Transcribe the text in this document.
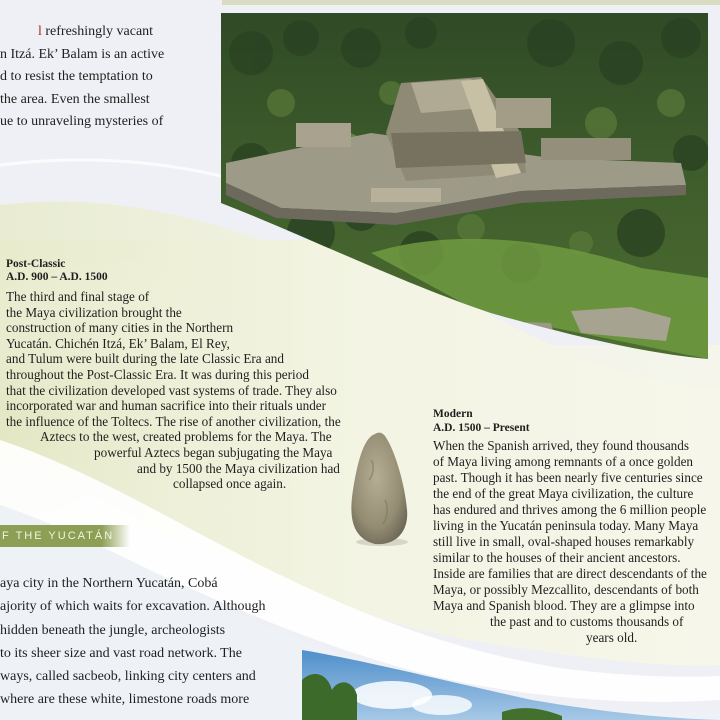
l refreshingly vacant
n Itzá. Ek’ Balam is an active
d to resist the temptation to
the area. Even the smallest
ue to unraveling mysteries of
Post-Classic
A.D. 900 – A.D. 1500
The third and final stage of
the Maya civilization brought the
construction of many cities in the Northern
Yucatán. Chichén Itzá, Ek’ Balam, El Rey,
and Tulum were built during the late Classic Era and
throughout the Post-Classic Era. It was during this period
that the civilization developed vast systems of trade. They also
incorporated war and human sacrifice into their rituals under
the influence of the Toltecs. The rise of another civilization, the
Aztecs to the west, created problems for the Maya. The
powerful Aztecs began subjugating the Maya
and by 1500 the Maya civilization had
collapsed once again.
Modern
A.D. 1500 – Present
When the Spanish arrived, they found thousands
of Maya living among remnants of a once golden
past. Though it has been nearly five centuries since
the end of the great Maya civilization, the culture
has endured and thrives among the 6 million people
living in the Yucatán peninsula today. Many Maya
still live in small, oval-shaped houses remarkably
similar to the houses of their ancient ancestors.
Inside are families that are direct descendants of the
Maya, or possibly Mezcallito, descendants of both
Maya and Spanish blood. They are a glimpse into
the past and to customs thousands of
years old.
F THE YUCATÁN
aya city in the Northern Yucatán, Cobá
ajority of which waits for excavation. Although
hidden beneath the jungle, archeologists
to its sheer size and vast road network. The
ways, called sacbeob, linking city centers and
where are these white, limestone roads more
